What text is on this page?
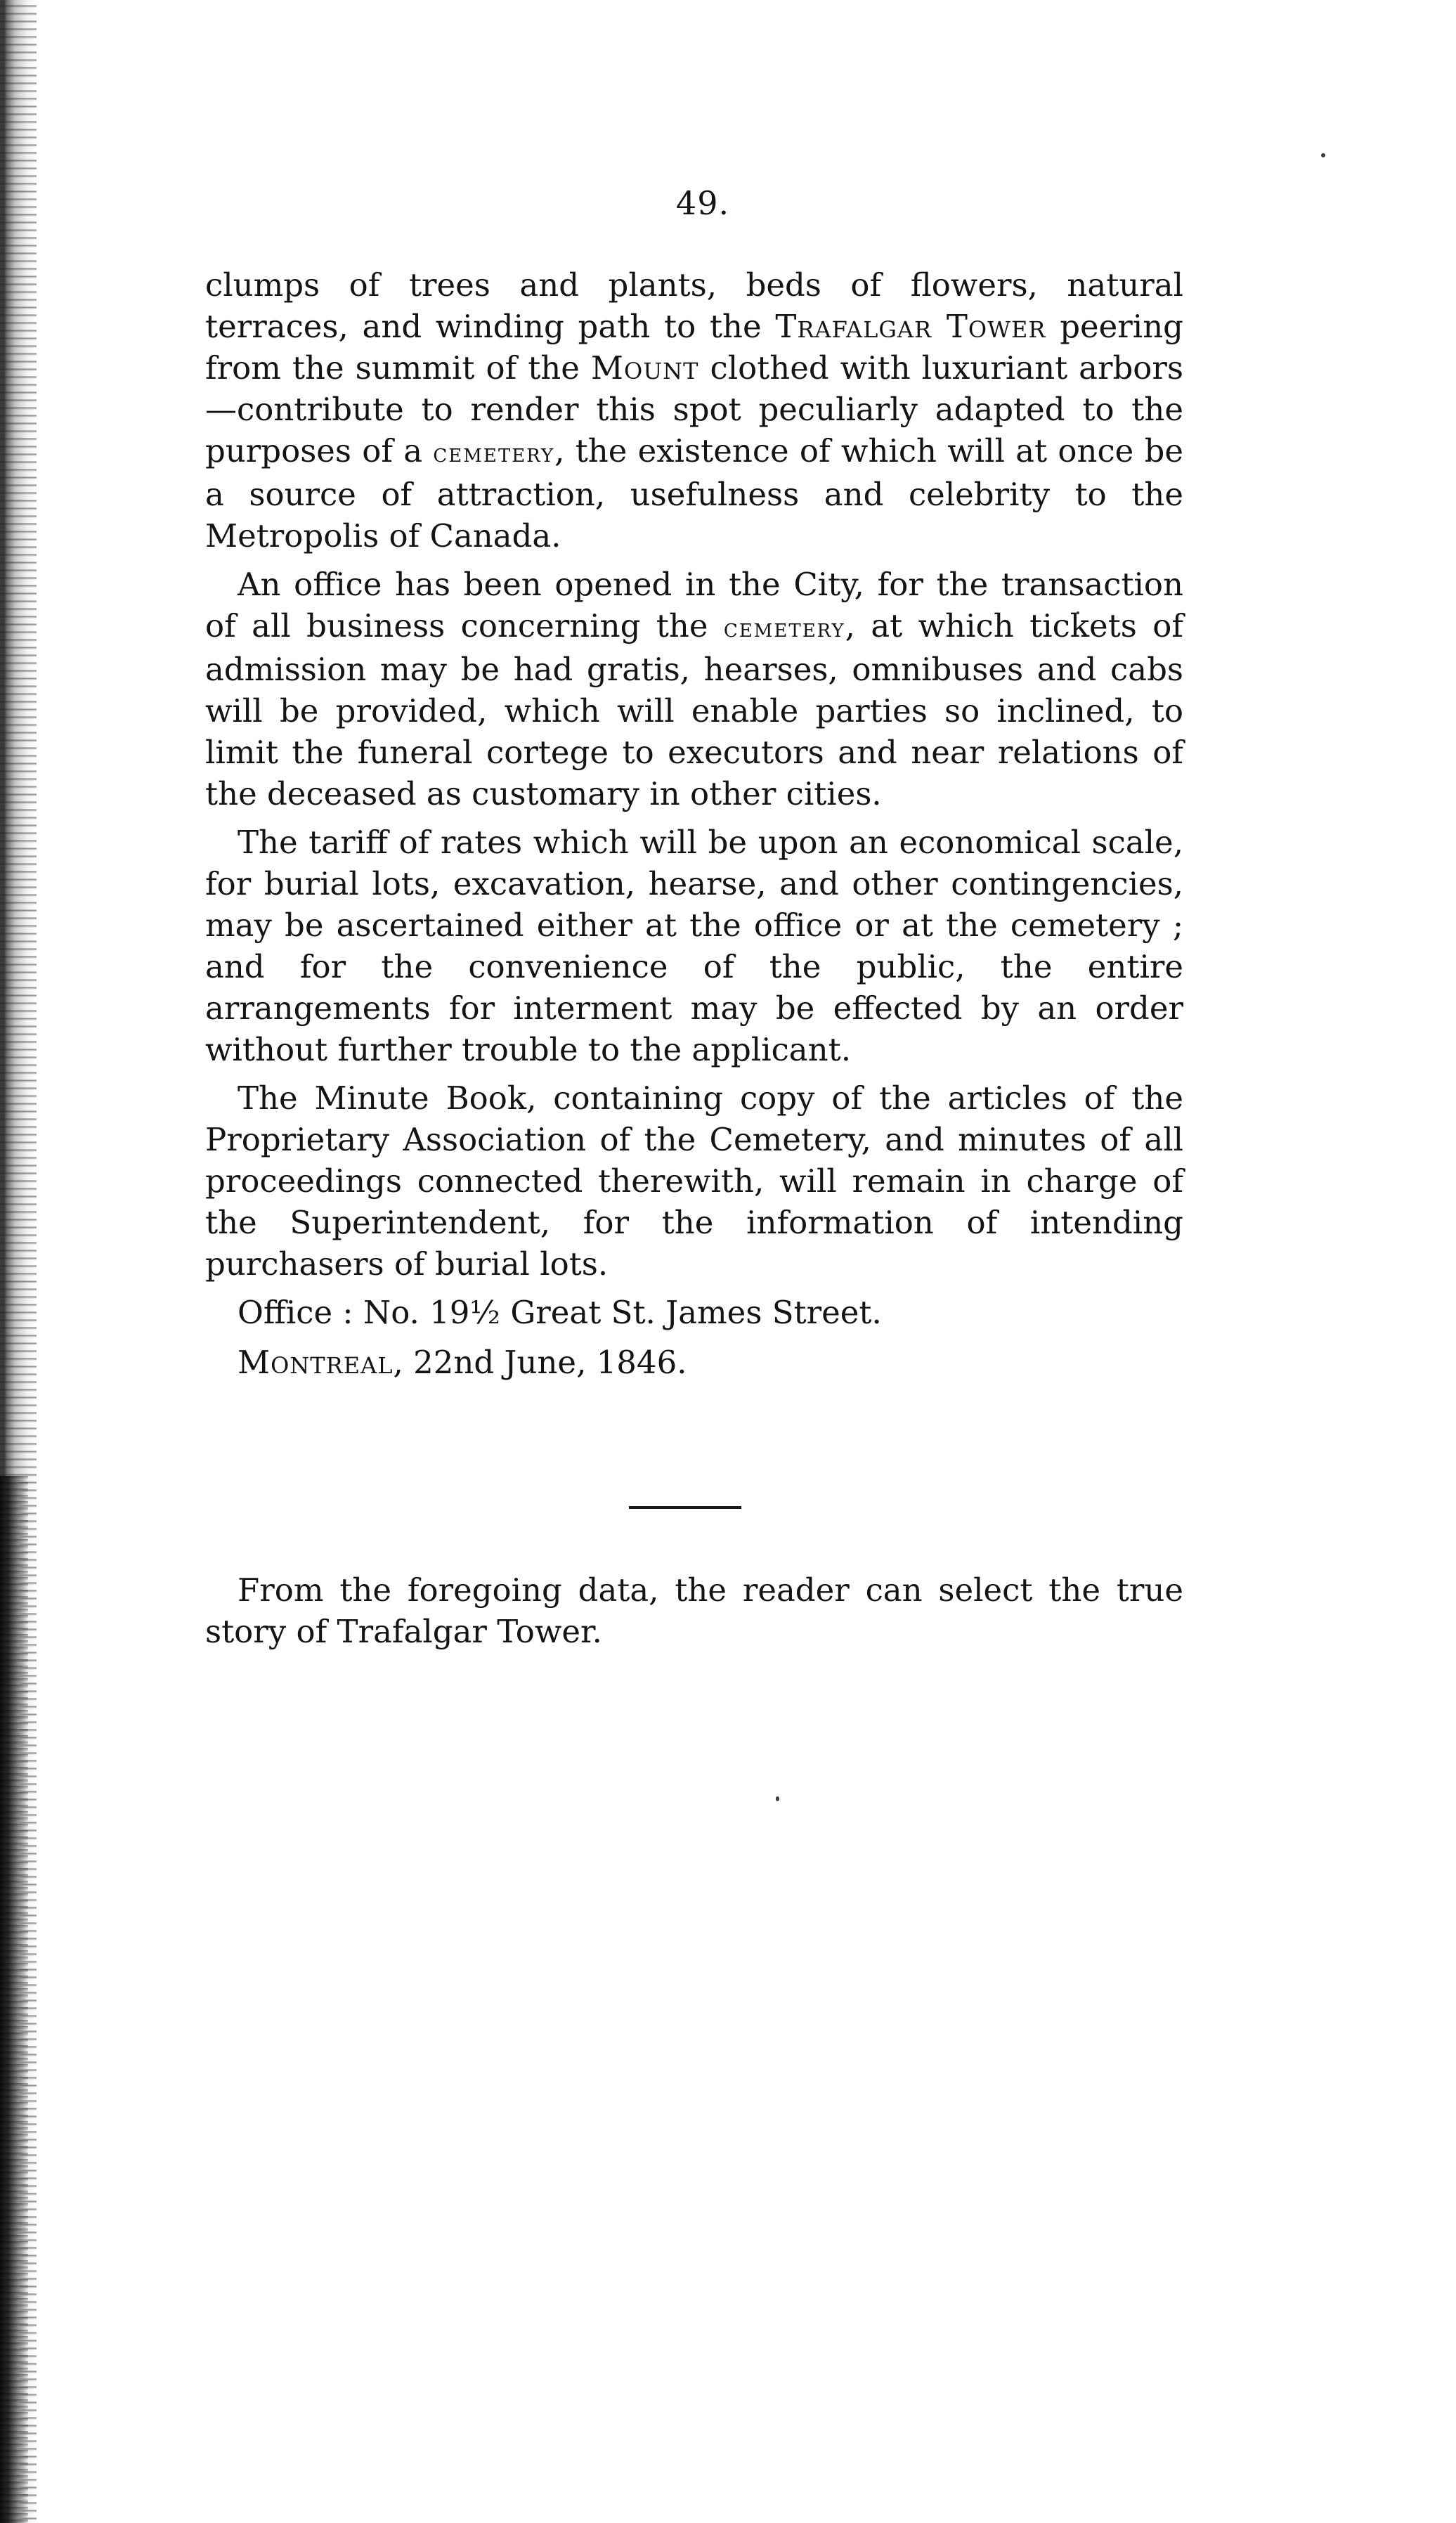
49.

clumps of trees and plants, beds of flowers, natural terraces, and winding path to the Trafalgar Tower peering from the summit of the Mount clothed with luxuriant arbors—contribute to render this spot peculiarly adapted to the purposes of a cemetery, the existence of which will at once be a source of attraction, usefulness and celebrity to the Metropolis of Canada.

An office has been opened in the City, for the transaction of all business concerning the cemetery, at which tickets of admission may be had gratis, hearses, omnibuses and cabs will be provided, which will enable parties so inclined, to limit the funeral cortege to executors and near relations of the deceased as customary in other cities.

The tariff of rates which will be upon an economical scale, for burial lots, excavation, hearse, and other contingencies, may be ascertained either at the office or at the cemetery ; and for the convenience of the public, the entire arrangements for interment may be effected by an order without further trouble to the applicant.

The Minute Book, containing copy of the articles of the Proprietary Association of the Cemetery, and minutes of all proceedings connected therewith, will remain in charge of the Superintendent, for the information of intending purchasers of burial lots.

Office : No. 19½ Great St. James Street.

Montreal, 22nd June, 1846.

From the foregoing data, the reader can select the true story of Trafalgar Tower.
